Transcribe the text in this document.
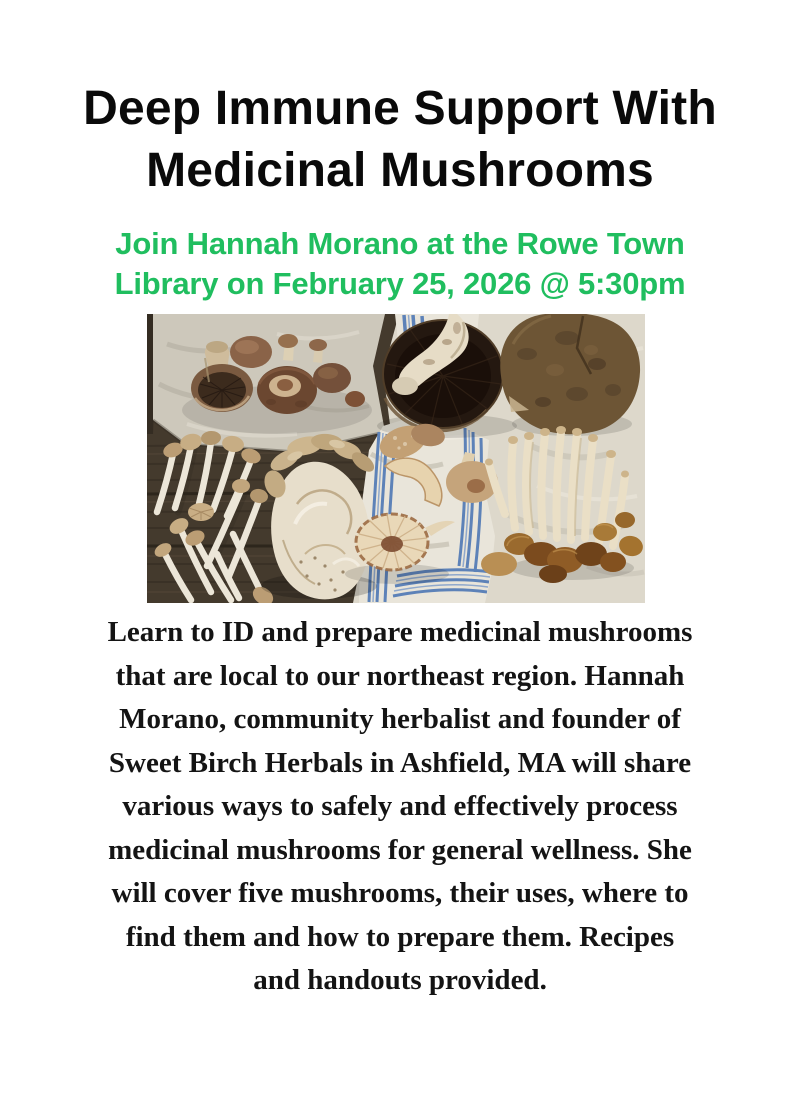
Deep Immune Support With
Medicinal Mushrooms
Join Hannah Morano at the Rowe Town
Library on February 25, 2026 @ 5:30pm
Learn to ID and prepare medicinal mushrooms
that are local to our northeast region. Hannah
Morano, community herbalist and founder of
Sweet Birch Herbals in Ashfield, MA will share
various ways to safely and effectively process
medicinal mushrooms for general wellness. She
will cover five mushrooms, their uses, where to
find them and how to prepare them. Recipes
and handouts provided.
